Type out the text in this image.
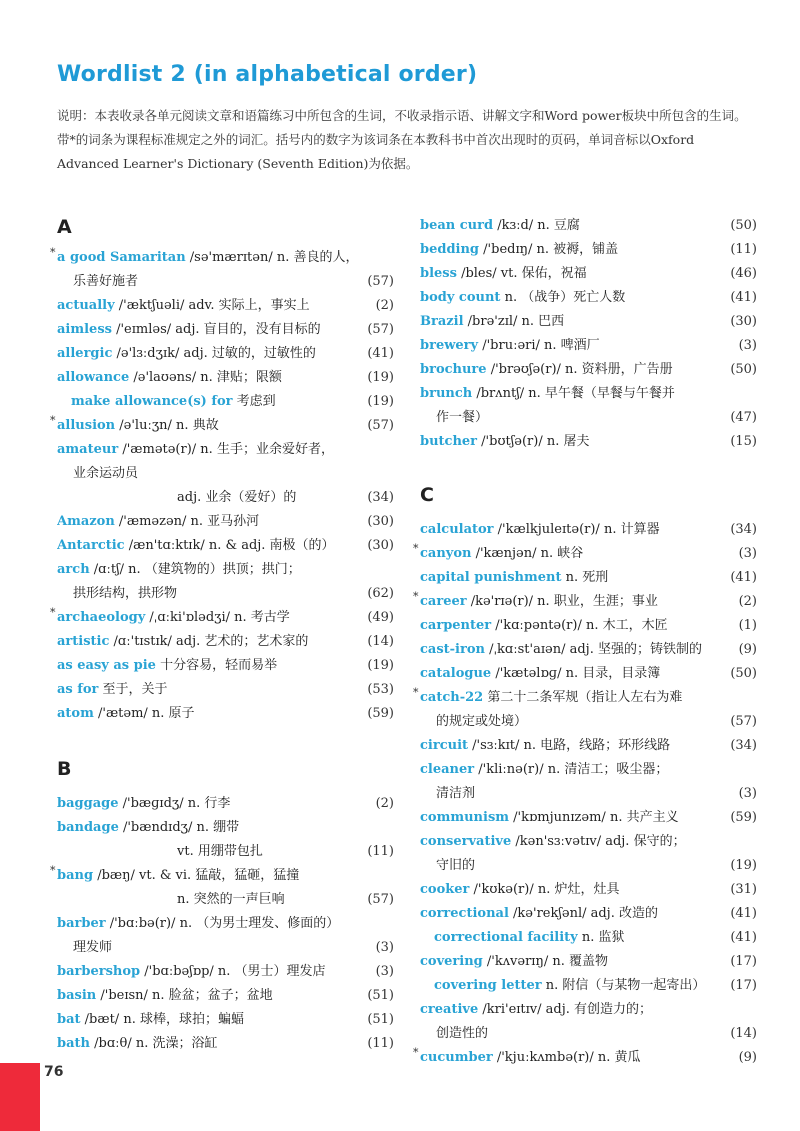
Wordlist 2 (in alphabetical order)
说明：本表收录各单元阅读文章和语篇练习中所包含的生词，不收录指示语、讲解文字和Word power板块中所包含的生词。带*的词条为课程标准规定之外的词汇。括号内的数字为该词条在本教科书中首次出现时的页码，单词音标以Oxford Advanced Learner's Dictionary (Seventh Edition)为依据。
A
* a good Samaritan /sə'mærɪtən/ n. 善良的人，
乐善好施者	(57)
actually /'æktʃuəli/ adv. 实际上，事实上	(2)
aimless /'eɪmləs/ adj. 盲目的，没有目标的	(57)
allergic /ə'lɜːdʒɪk/ adj. 过敏的，过敏性的	(41)
allowance /ə'laʊəns/ n. 津贴；限额	(19)
make allowance(s) for 考虑到	(19)
* allusion /ə'luːʒn/ n. 典故	(57)
amateur /'æmətə(r)/ n. 生手；业余爱好者，
业余运动员
adj. 业余（爱好）的	(34)
Amazon /'æməzən/ n. 亚马孙河	(30)
Antarctic /æn'tɑːktɪk/ n. & adj. 南极（的）	(30)
arch /ɑːtʃ/ n. （建筑物的）拱顶；拱门；
拱形结构，拱形物	(62)
* archaeology /ˌɑːki'ɒlədʒi/ n. 考古学	(49)
artistic /ɑː'tɪstɪk/ adj. 艺术的；艺术家的	(14)
as easy as pie 十分容易，轻而易举	(19)
as for 至于，关于	(53)
atom /'ætəm/ n. 原子	(59)
B
baggage /'bæɡɪdʒ/ n. 行李	(2)
bandage /'bændɪdʒ/ n. 绷带
vt. 用绷带包扎	(11)
* bang /bæŋ/ vt. & vi. 猛敲，猛砸，猛撞
n. 突然的一声巨响	(57)
barber /'bɑːbə(r)/ n. （为男士理发、修面的）
理发师	(3)
barbershop /'bɑːbəʃɒp/ n. （男士）理发店	(3)
basin /'beɪsn/ n. 脸盆；盆子；盆地	(51)
bat /bæt/ n. 球棒，球拍；蝙蝠	(51)
bath /bɑːθ/ n. 洗澡；浴缸	(11)
bean curd /kɜːd/ n. 豆腐	(50)
bedding /'bedɪŋ/ n. 被褥，铺盖	(11)
bless /bles/ vt. 保佑，祝福	(46)
body count n. （战争）死亡人数	(41)
Brazil /brə'zɪl/ n. 巴西	(30)
brewery /'bruːəri/ n. 啤酒厂	(3)
brochure /'brəʊʃə(r)/ n. 资料册，广告册	(50)
brunch /brʌntʃ/ n. 早午餐（早餐与午餐并
作一餐）	(47)
butcher /'bʊtʃə(r)/ n. 屠夫	(15)
C
calculator /'kælkjuleɪtə(r)/ n. 计算器	(34)
* canyon /'kænjən/ n. 峡谷	(3)
capital punishment n. 死刑	(41)
* career /kə'rɪə(r)/ n. 职业，生涯；事业	(2)
carpenter /'kɑːpəntə(r)/ n. 木工，木匠	(1)
cast-iron /ˌkɑːst'aɪən/ adj. 坚强的；铸铁制的	(9)
catalogue /'kætəlɒɡ/ n. 目录，目录簿	(50)
* catch-22 第二十二条军规（指让人左右为难
的规定或处境）	(57)
circuit /'sɜːkɪt/ n. 电路，线路；环形线路	(34)
cleaner /'kliːnə(r)/ n. 清洁工；吸尘器；
清洁剂	(3)
communism /'kɒmjunɪzəm/ n. 共产主义	(59)
conservative /kən'sɜːvətɪv/ adj. 保守的；
守旧的	(19)
cooker /'kʊkə(r)/ n. 炉灶，灶具	(31)
correctional /kə'rekʃənl/ adj. 改造的	(41)
correctional facility n. 监狱	(41)
covering /'kʌvərɪŋ/ n. 覆盖物	(17)
covering letter n. 附信（与某物一起寄出）	(17)
creative /kri'eɪtɪv/ adj. 有创造力的；
创造性的	(14)
* cucumber /'kjuːkʌmbə(r)/ n. 黄瓜	(9)
76
